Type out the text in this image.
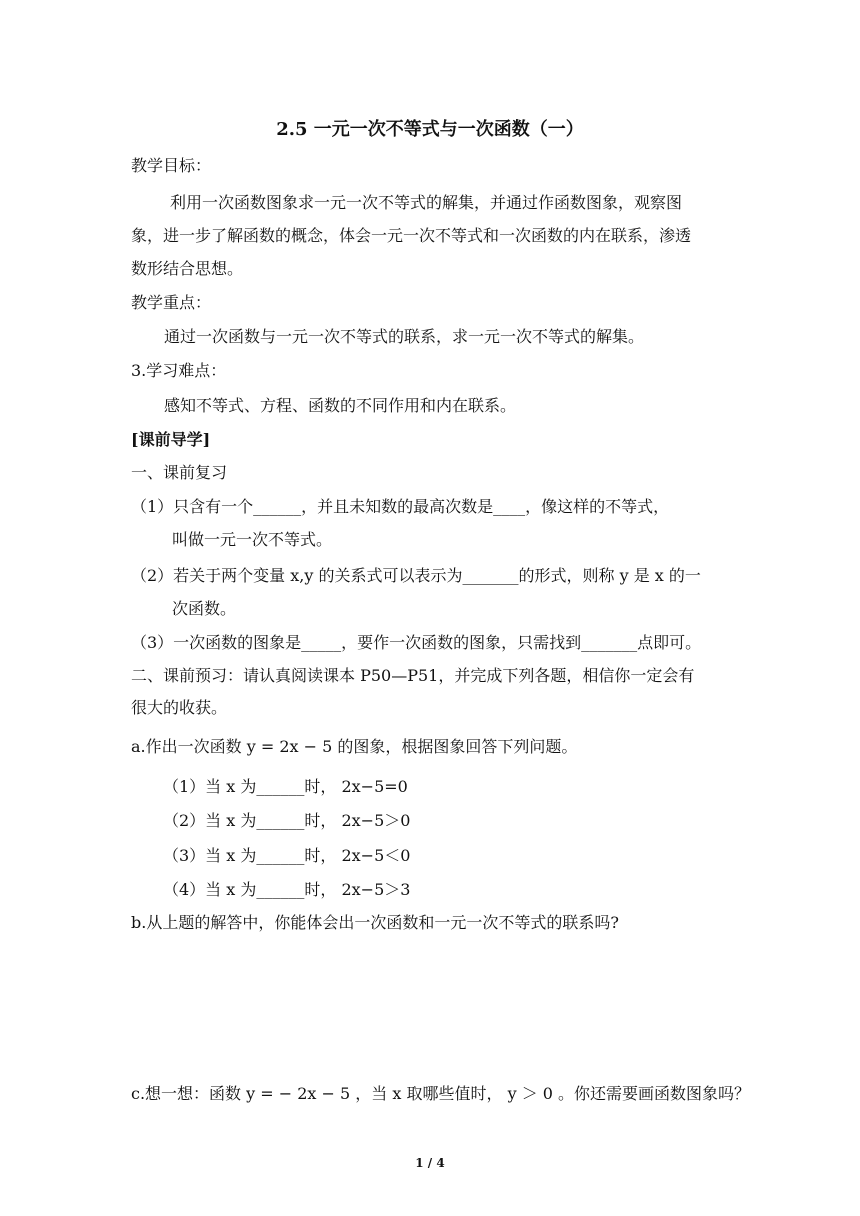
2.5 一元一次不等式与一次函数（一）
教学目标：
利用一次函数图象求一元一次不等式的解集，并通过作函数图象，观察图
象，进一步了解函数的概念，体会一元一次不等式和一次函数的内在联系，渗透
数形结合思想。
教学重点：
通过一次函数与一元一次不等式的联系，求一元一次不等式的解集。
3.学习难点：
感知不等式、方程、函数的不同作用和内在联系。
[课前导学]
一、课前复习
（1）只含有一个______，并且未知数的最高次数是____，像这样的不等式，
叫做一元一次不等式。
（2）若关于两个变量 x,y 的关系式可以表示为_______的形式，则称 y 是 x 的一
次函数。
（3）一次函数的图象是_____，要作一次函数的图象，只需找到_______点即可。
二、课前预习：请认真阅读课本 P50—P51，并完成下列各题，相信你一定会有
很大的收获。
a.作出一次函数 y = 2x − 5 的图象，根据图象回答下列问题。
（1）当 x 为______时， 2x−5=0
（2）当 x 为______时， 2x−5＞0
（3）当 x 为______时， 2x−5＜0
（4）当 x 为______时， 2x−5＞3
b.从上题的解答中，你能体会出一次函数和一元一次不等式的联系吗?
c.想一想：函数 y = − 2x − 5 ，当 x 取哪些值时， y ＞ 0 。你还需要画函数图象吗？
1 / 4
